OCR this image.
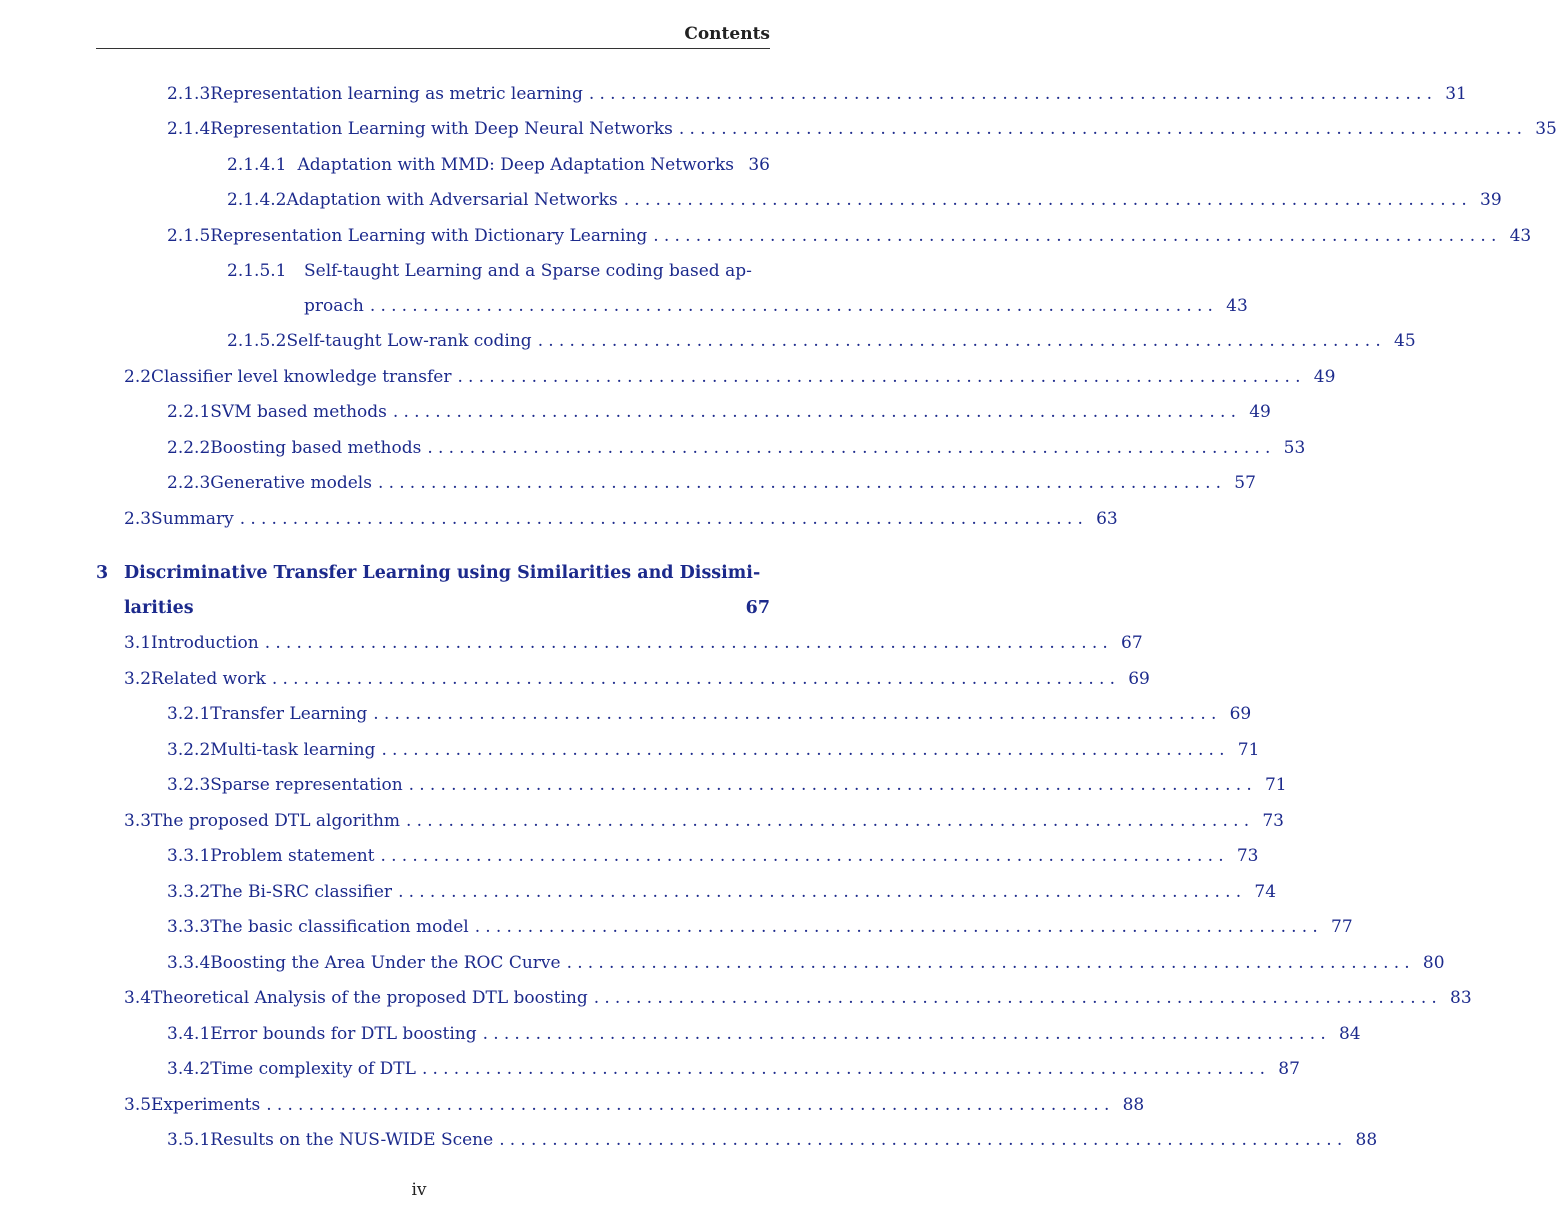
Contents
2.1.3 Representation learning as metric learning ................................................................................ 31
2.1.4 Representation Learning with Deep Neural Networks ................................................................................ 35
2.1.4.1 Adaptation with MMD: Deep Adaptation Networks 36
2.1.4.2 Adaptation with Adversarial Networks ................................................................................ 39
2.1.5 Representation Learning with Dictionary Learning ................................................................................ 43
2.1.5.1	Self-taught Learning and a Sparse coding based ap-
proach ................................................................................ 43
2.1.5.2 Self-taught Low-rank coding ................................................................................ 45
2.2 Classifier level knowledge transfer ................................................................................ 49
2.2.1 SVM based methods ................................................................................ 49
2.2.2 Boosting based methods ................................................................................ 53
2.2.3 Generative models ................................................................................ 57
2.3 Summary ................................................................................ 63
3 Discriminative Transfer Learning using Similarities and Dissimi-
larities	67
3.1 Introduction ................................................................................ 67
3.2 Related work ................................................................................ 69
3.2.1 Transfer Learning ................................................................................ 69
3.2.2 Multi-task learning ................................................................................ 71
3.2.3 Sparse representation ................................................................................ 71
3.3 The proposed DTL algorithm ................................................................................ 73
3.3.1 Problem statement ................................................................................ 73
3.3.2 The Bi-SRC classifier ................................................................................ 74
3.3.3 The basic classification model ................................................................................ 77
3.3.4 Boosting the Area Under the ROC Curve ................................................................................ 80
3.4 Theoretical Analysis of the proposed DTL boosting ................................................................................ 83
3.4.1 Error bounds for DTL boosting ................................................................................ 84
3.4.2 Time complexity of DTL ................................................................................ 87
3.5 Experiments ................................................................................ 88
3.5.1 Results on the NUS-WIDE Scene ................................................................................ 88
iv
